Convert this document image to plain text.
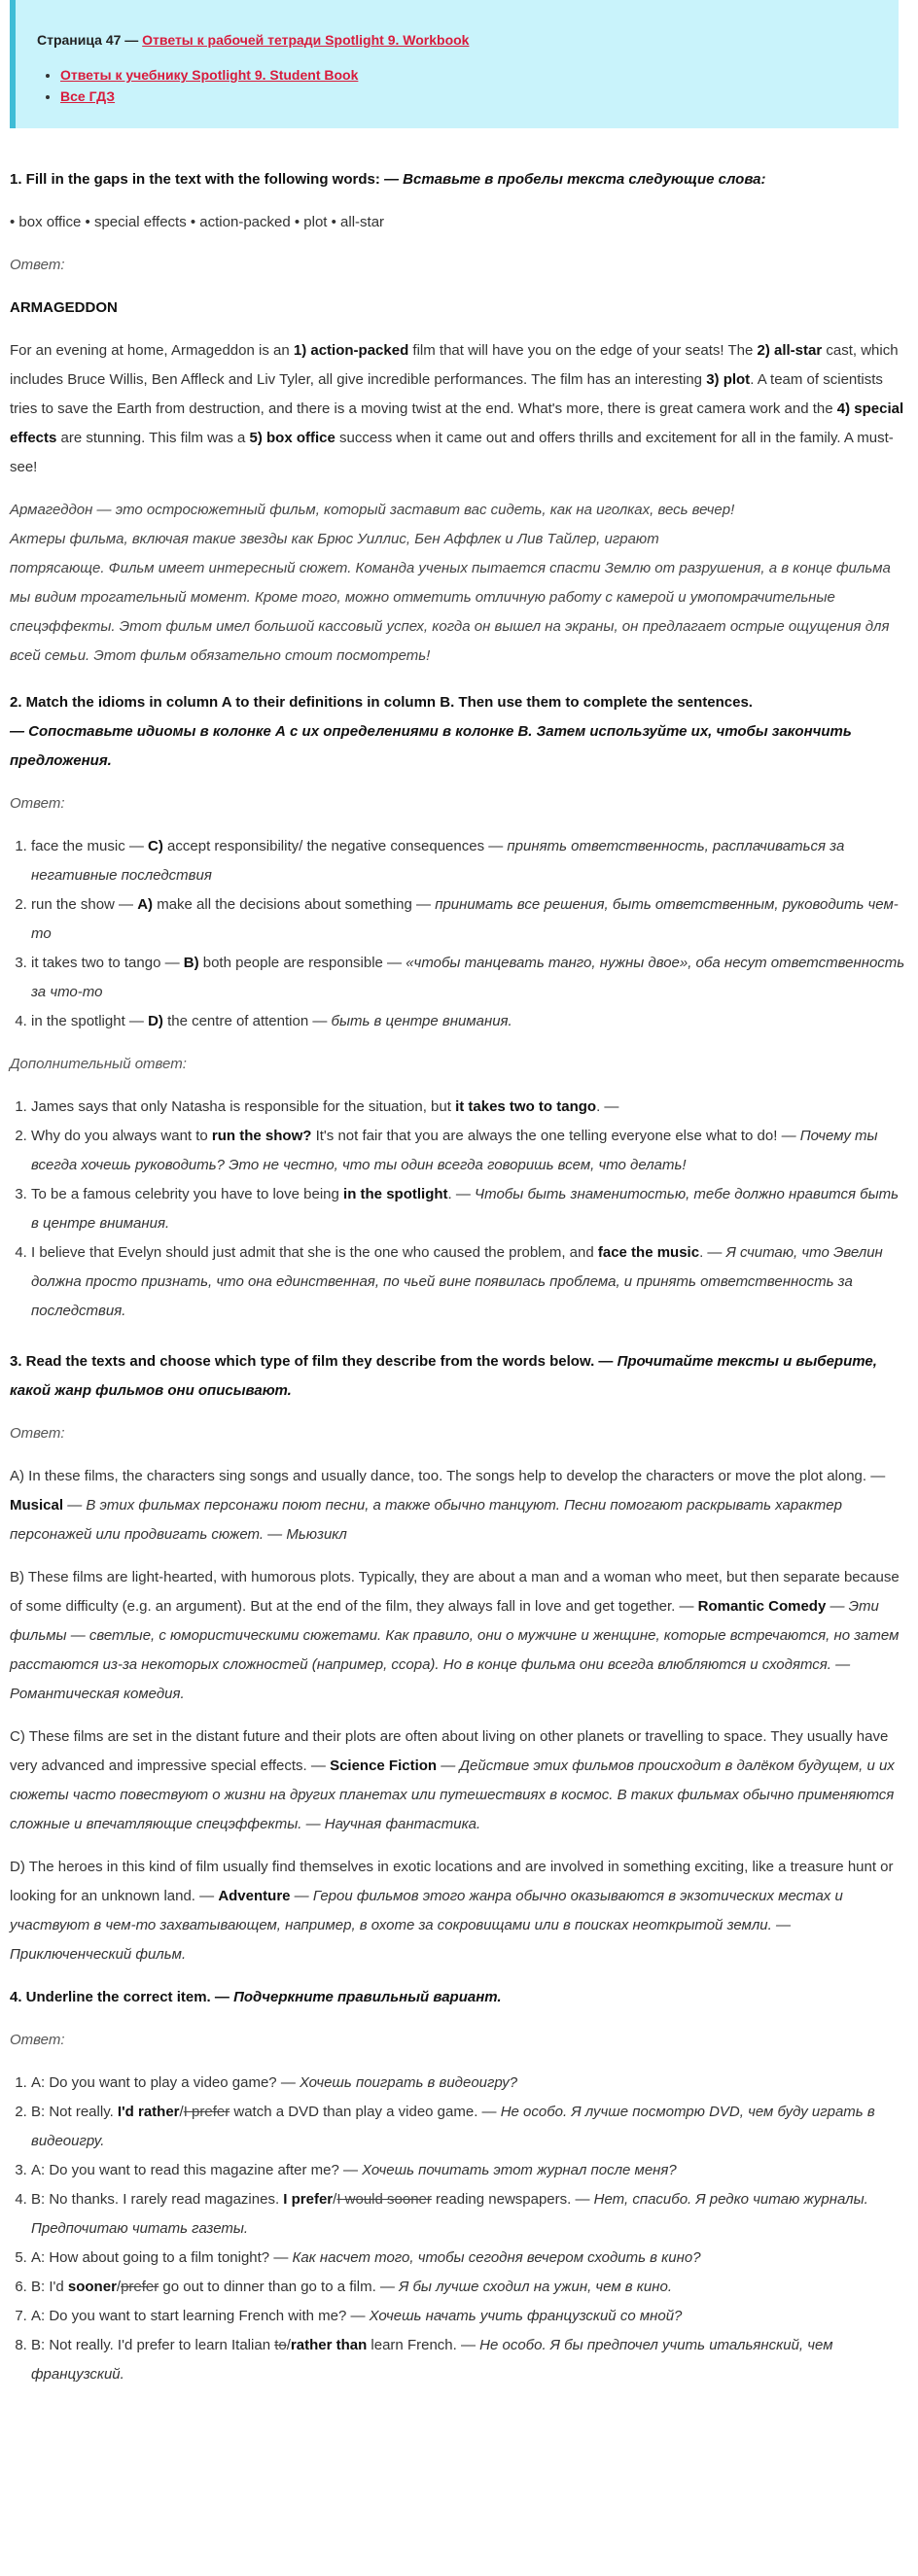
Страница 47 — Ответы к рабочей тетради Spotlight 9. Workbook
• Ответы к учебнику Spotlight 9. Student Book
• Все ГДЗ
1. Fill in the gaps in the text with the following words: — Вставьте в пробелы текста следующие слова:
• box office • special effects • action-packed • plot • all-star
Ответ:
ARMAGEDDON

For an evening at home, Armageddon is an 1) action-packed film that will have you on the edge of your seats! The 2) all-star cast, which includes Bruce Willis, Ben Affleck and Liv Tyler, all give incredible performances. The film has an interesting 3) plot. A team of scientists tries to save the Earth from destruction, and there is a moving twist at the end. What's more, there is great camera work and the 4) special effects are stunning. This film was a 5) box office success when it came out and offers thrills and excitement for all in the family. A must-see!

Армагеддон — это остросюжетный фильм, который заставит вас сидеть, как на иголках, весь вечер!
Актеры фильма, включая такие звезды как Брюс Уиллис, Бен Аффлек и Лив Тайлер, играют
потрясающе. Фильм имеет интересный сюжет. Команда ученых пытается спасти Землю от разрушения, а в конце фильма мы видим трогательный момент. Кроме того, можно отметить отличную работу с камерой и умопомрачительные спецэффекты. Этот фильм имел большой кассовый успех, когда он вышел на экраны, он предлагает острые ощущения для всей семьи. Этот фильм обязательно стоит посмотреть!
2. Match the idioms in column A to their definitions in column B. Then use them to complete the sentences.
— Сопоставьте идиомы в колонке А с их определениями в колонке В. Затем используйте их, чтобы закончить предложения.
Ответ:
1. face the music — C) accept responsibility/ the negative consequences — принять ответственность, расплачиваться за негативные последствия
2. run the show — A) make all the decisions about something — принимать все решения, быть ответственным, руководить чем-то
3. it takes two to tango — B) both people are responsible — «чтобы танцевать танго, нужны двое», оба несут ответственность за что-то
4. in the spotlight — D) the centre of attention — быть в центре внимания.
Дополнительный ответ:
1. James says that only Natasha is responsible for the situation, but it takes two to tango. —
2. Why do you always want to run the show? It's not fair that you are always the one telling everyone else what to do! — Почему ты всегда хочешь руководить? Это не честно, что ты один всегда говоришь всем, что делать!
3. To be a famous celebrity you have to love being in the spotlight. — Чтобы быть знаменитостью, тебе должно нравится быть в центре внимания.
4. I believe that Evelyn should just admit that she is the one who caused the problem, and face the music. — Я считаю, что Эвелин должна просто признать, что она единственная, по чьей вине появилась проблема, и принять ответственность за последствия.
3. Read the texts and choose which type of film they describe from the words below. — Прочитайте тексты и выберите, какой жанр фильмов они описывают.
Ответ:

A) In these films, the characters sing songs and usually dance, too. The songs help to develop the characters or move the plot along. — Musical — В этих фильмах персонажи поют песни, а также обычно танцуют. Песни помогают раскрывать характер персонажей или продвигать сюжет. — Мьюзикл

B) These films are light-hearted, with humorous plots. Typically, they are about a man and a woman who meet, but then separate because of some difficulty (e.g. an argument). But at the end of the film, they always fall in love and get together. — Romantic Comedy — Эти фильмы — светлые, с юмористическими сюжетами. Как правило, они о мужчине и женщине, которые встречаются, но затем расстаются из-за некоторых сложностей (например, ссора). Но в конце фильма они всегда влюбляются и сходятся. — Романтическая комедия.

C) These films are set in the distant future and their plots are often about living on other planets or travelling to space. They usually have very advanced and impressive special effects. — Science Fiction — Действие этих фильмов происходит в далёком будущем, и их сюжеты часто повествуют о жизни на других планетах или путешествиях в космос. В таких фильмах обычно применяются сложные и впечатляющие спецэффекты. — Научная фантастика.

D) The heroes in this kind of film usually find themselves in exotic locations and are involved in something exciting, like a treasure hunt or looking for an unknown land. — Adventure — Герои фильмов этого жанра обычно оказываются в экзотических местах и участвуют в чем-то захватывающем, например, в охоте за сокровищами или в поисках неоткрытой земли. — Приключенческий фильм.

4. Underline the correct item. — Подчеркните правильный вариант.
Ответ:
1. A: Do you want to play a video game? — Хочешь поиграть в видеоигру?
2. B: Not really. I'd rather/I prefer watch a DVD than play a video game. — Не особо. Я лучше посмотрю DVD, чем буду играть в видеоигру.
3. A: Do you want to read this magazine after me? — Хочешь почитать этот журнал после меня?
4. B: No thanks. I rarely read magazines. I prefer/I would sooner reading newspapers. — Нет, спасибо. Я редко читаю журналы. Предпочитаю читать газеты.
5. A: How about going to a film tonight? — Как насчет того, чтобы сегодня вечером сходить в кино?
6. B: I'd sooner/prefer go out to dinner than go to a film. — Я бы лучше сходил на ужин, чем в кино.
7. A: Do you want to start learning French with me? — Хочешь начать учить французский со мной?
8. B: Not really. I'd prefer to learn Italian to/rather than learn French. — Не особо. Я бы предпочел учить итальянский, чем французский.
